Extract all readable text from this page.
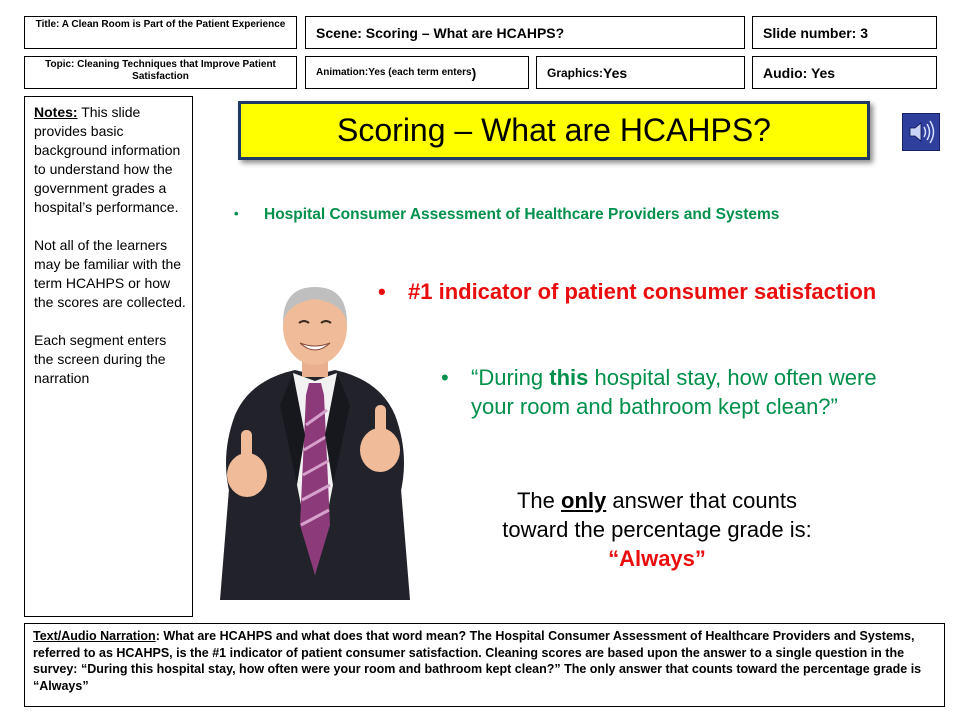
Title: A Clean Room is Part of the Patient Experience	Scene: Scoring – What are HCAHPS?	Slide number: 3
Topic: Cleaning Techniques that Improve Patient Satisfaction	Animation: Yes (each term enters )	Graphics: Yes	Audio: Yes

Notes: This slide provides basic background information to understand how the government grades a hospital’s performance.

Not all of the learners may be familiar with the term HCAHPS or how the scores are collected.

Each segment enters the screen during the narration

Scoring – What are HCAHPS?
•	Hospital Consumer Assessment of Healthcare Providers and Systems
•	#1 indicator of patient consumer satisfaction
•	“During this hospital stay, how often were your room and bathroom kept clean?”
The only answer that counts toward the percentage grade is:
“Always”
Text/Audio Narration: What are HCAHPS and what does that word mean? The Hospital Consumer Assessment of Healthcare Providers and Systems, referred to as HCAHPS, is the #1 indicator of patient consumer satisfaction. Cleaning scores are based upon the answer to a single question in the survey: “During this hospital stay, how often were your room and bathroom kept clean?” The only answer that counts toward the percentage grade is “Always”
